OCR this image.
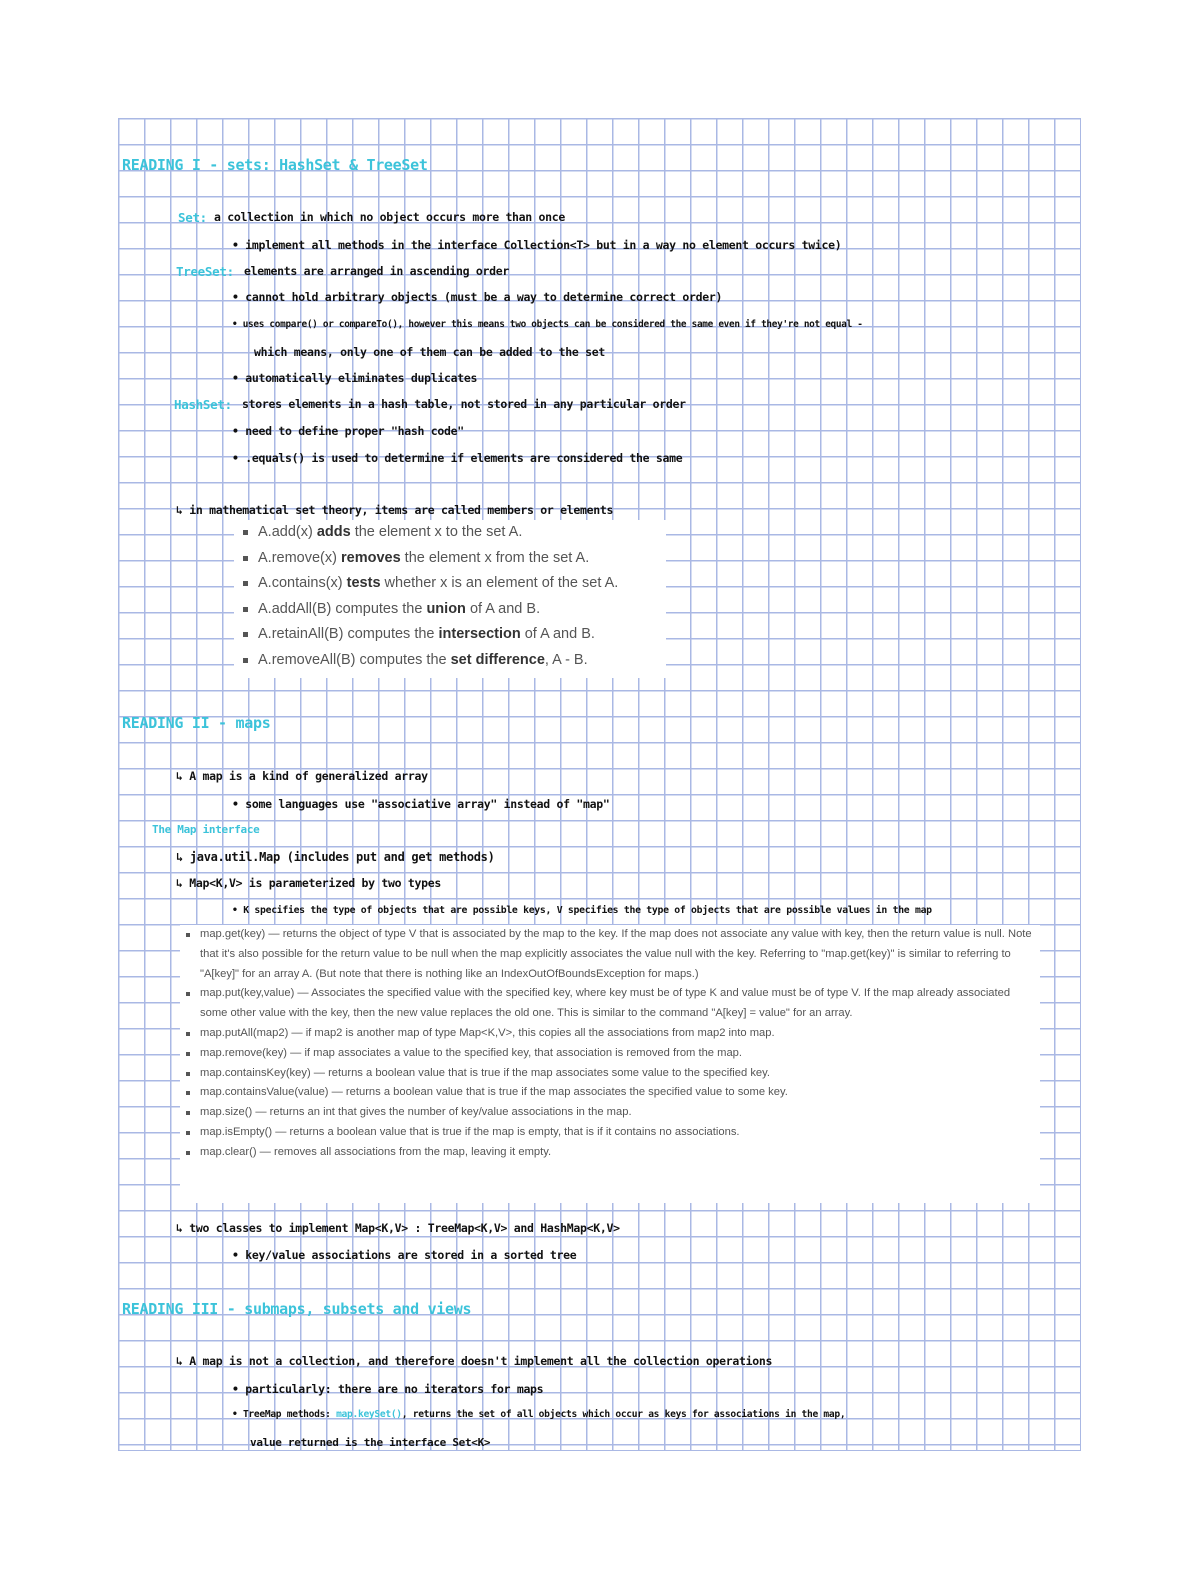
READING I - sets: HashSet & TreeSet
Set: a collection in which no object occurs more than once
• implement all methods in the interface Collection<T> but in a way no element occurs twice)
TreeSet: elements are arranged in ascending order
• cannot hold arbitrary objects (must be a way to determine correct order)
• uses compare() or compareTo(), however this means two objects can be considered the same even if they're not equal -
which means, only one of them can be added to the set
• automatically eliminates duplicates
HashSet: stores elements in a hash table, not stored in any particular order
• need to define proper "hash code"
• .equals() is used to determine if elements are considered the same
↳ in mathematical set theory, items are called members or elements
A.add(x) adds the element x to the set A.
A.remove(x) removes the element x from the set A.
A.contains(x) tests whether x is an element of the set A.
A.addAll(B) computes the union of A and B.
A.retainAll(B) computes the intersection of A and B.
A.removeAll(B) computes the set difference, A - B.
READING II - maps
↳ A map is a kind of generalized array
• some languages use "associative array" instead of "map"
The Map interface
↳ java.util.Map (includes put and get methods)
↳ Map<K,V> is parameterized by two types
• K specifies the type of objects that are possible keys, V specifies the type of objects that are possible values in the map
map.get(key) — returns the object of type V that is associated by the map to the key. If the map does not associate any value with key, then the return value is null. Note that it's also possible for the return value to be null when the map explicitly associates the value null with the key. Referring to "map.get(key)" is similar to referring to "A[key]" for an array A. (But note that there is nothing like an IndexOutOfBoundsException for maps.)
map.put(key,value) — Associates the specified value with the specified key, where key must be of type K and value must be of type V. If the map already associated some other value with the key, then the new value replaces the old one. This is similar to the command "A[key] = value" for an array.
map.putAll(map2) — if map2 is another map of type Map<K,V>, this copies all the associations from map2 into map.
map.remove(key) — if map associates a value to the specified key, that association is removed from the map.
map.containsKey(key) — returns a boolean value that is true if the map associates some value to the specified key.
map.containsValue(value) — returns a boolean value that is true if the map associates the specified value to some key.
map.size() — returns an int that gives the number of key/value associations in the map.
map.isEmpty() — returns a boolean value that is true if the map is empty, that is if it contains no associations.
map.clear() — removes all associations from the map, leaving it empty.
↳ two classes to implement Map<K,V> : TreeMap<K,V> and HashMap<K,V>
• key/value associations are stored in a sorted tree
READING III - submaps, subsets and views
↳ A map is not a collection, and therefore doesn't implement all the collection operations
• particularly: there are no iterators for maps
• TreeMap methods: map.keySet(), returns the set of all objects which occur as keys for associations in the map,
value returned is the interface Set<K>
